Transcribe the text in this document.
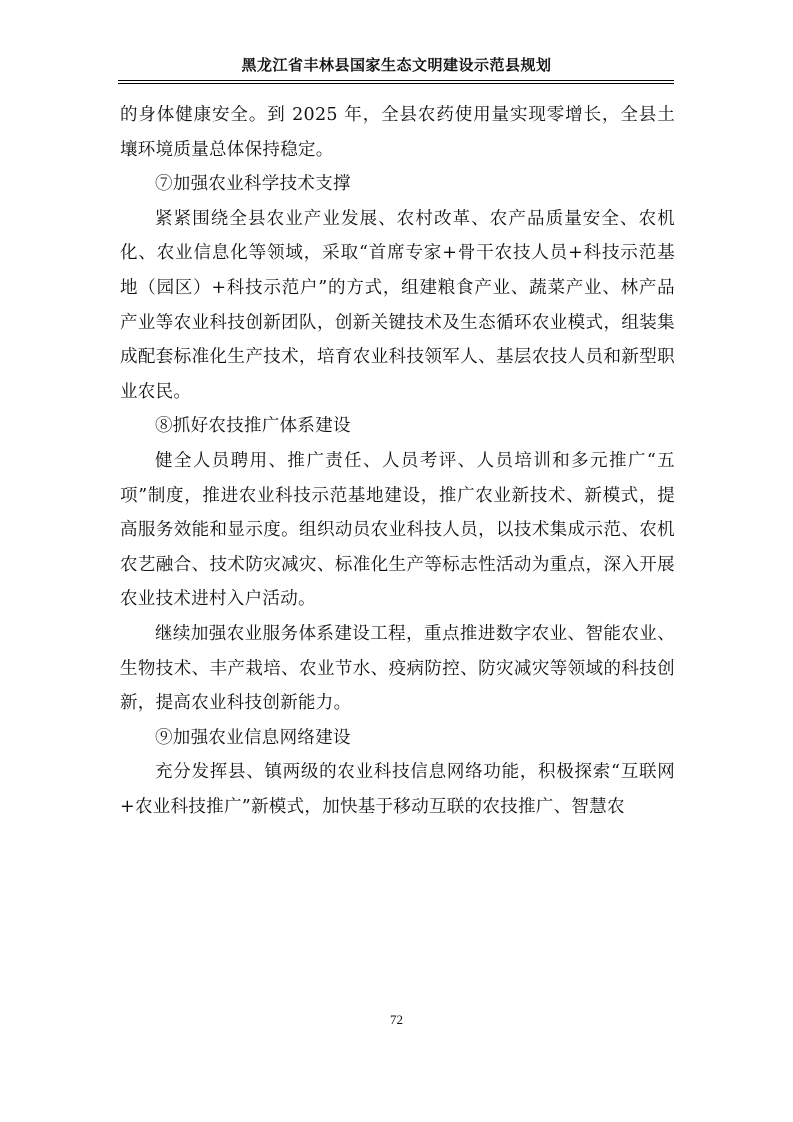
黑龙江省丰林县国家生态文明建设示范县规划

的身体健康安全。到 2025 年，全县农药使用量实现零增长，全县土壤环境质量总体保持稳定。

⑦加强农业科学技术支撑

紧紧围绕全县农业产业发展、农村改革、农产品质量安全、农机化、农业信息化等领域，采取“首席专家+骨干农技人员+科技示范基地（园区）+科技示范户”的方式，组建粮食产业、蔬菜产业、林产品产业等农业科技创新团队，创新关键技术及生态循环农业模式，组装集成配套标准化生产技术，培育农业科技领军人、基层农技人员和新型职业农民。

⑧抓好农技推广体系建设

健全人员聘用、推广责任、人员考评、人员培训和多元推广“五项”制度，推进农业科技示范基地建设，推广农业新技术、新模式，提高服务效能和显示度。组织动员农业科技人员，以技术集成示范、农机农艺融合、技术防灾减灾、标准化生产等标志性活动为重点，深入开展农业技术进村入户活动。

继续加强农业服务体系建设工程，重点推进数字农业、智能农业、生物技术、丰产栽培、农业节水、疫病防控、防灾减灾等领域的科技创新，提高农业科技创新能力。

⑨加强农业信息网络建设

充分发挥县、镇两级的农业科技信息网络功能，积极探索“互联网+农业科技推广”新模式，加快基于移动互联的农技推广、智慧农

72
